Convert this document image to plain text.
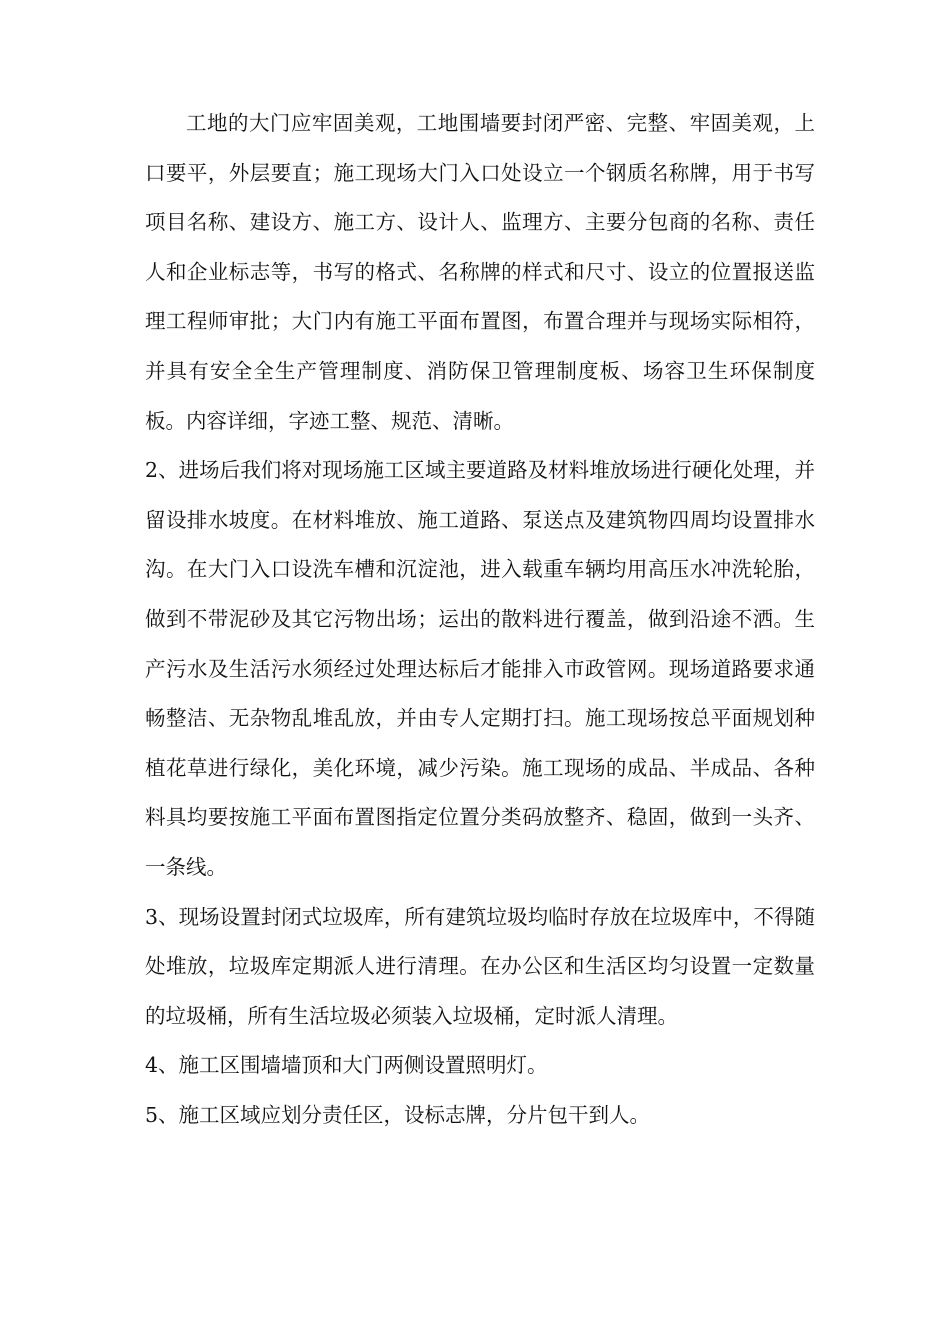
工地的大门应牢固美观，工地围墙要封闭严密、完整、牢固美观，上口要平，外层要直；施工现场大门入口处设立一个钢质名称牌，用于书写项目名称、建设方、施工方、设计人、监理方、主要分包商的名称、责任人和企业标志等，书写的格式、名称牌的样式和尺寸、设立的位置报送监理工程师审批；大门内有施工平面布置图，布置合理并与现场实际相符， 并具有安全全生产管理制度、消防保卫管理制度板、场容卫生环保制度板。内容详细，字迹工整、规范、清晰。

2、进场后我们将对现场施工区域主要道路及材料堆放场进行硬化处理，并留设排水坡度。在材料堆放、施工道路、泵送点及建筑物四周均设置排水沟。在大门入口设洗车槽和沉淀池，进入载重车辆均用高压水冲洗轮胎，做到不带泥砂及其它污物出场；运出的散料进行覆盖，做到沿途不洒。生产污水及生活污水须经过处理达标后才能排入市政管网。现场道路要求通畅整洁、无杂物乱堆乱放，并由专人定期打扫。施工现场按总平面规划种植花草进行绿化，美化环境，减少污染。施工现场的成品、半成品、各种料具均要按施工平面布置图指定位置分类码放整齐、稳固，做到一头齐、一条线。

3、现场设置封闭式垃圾库，所有建筑垃圾均临时存放在垃圾库中，不得随处堆放，垃圾库定期派人进行清理。在办公区和生活区均匀设置一定数量的垃圾桶，所有生活垃圾必须装入垃圾桶，定时派人清理。

4、施工区围墙墙顶和大门两侧设置照明灯。

5、施工区域应划分责任区，设标志牌，分片包干到人。
